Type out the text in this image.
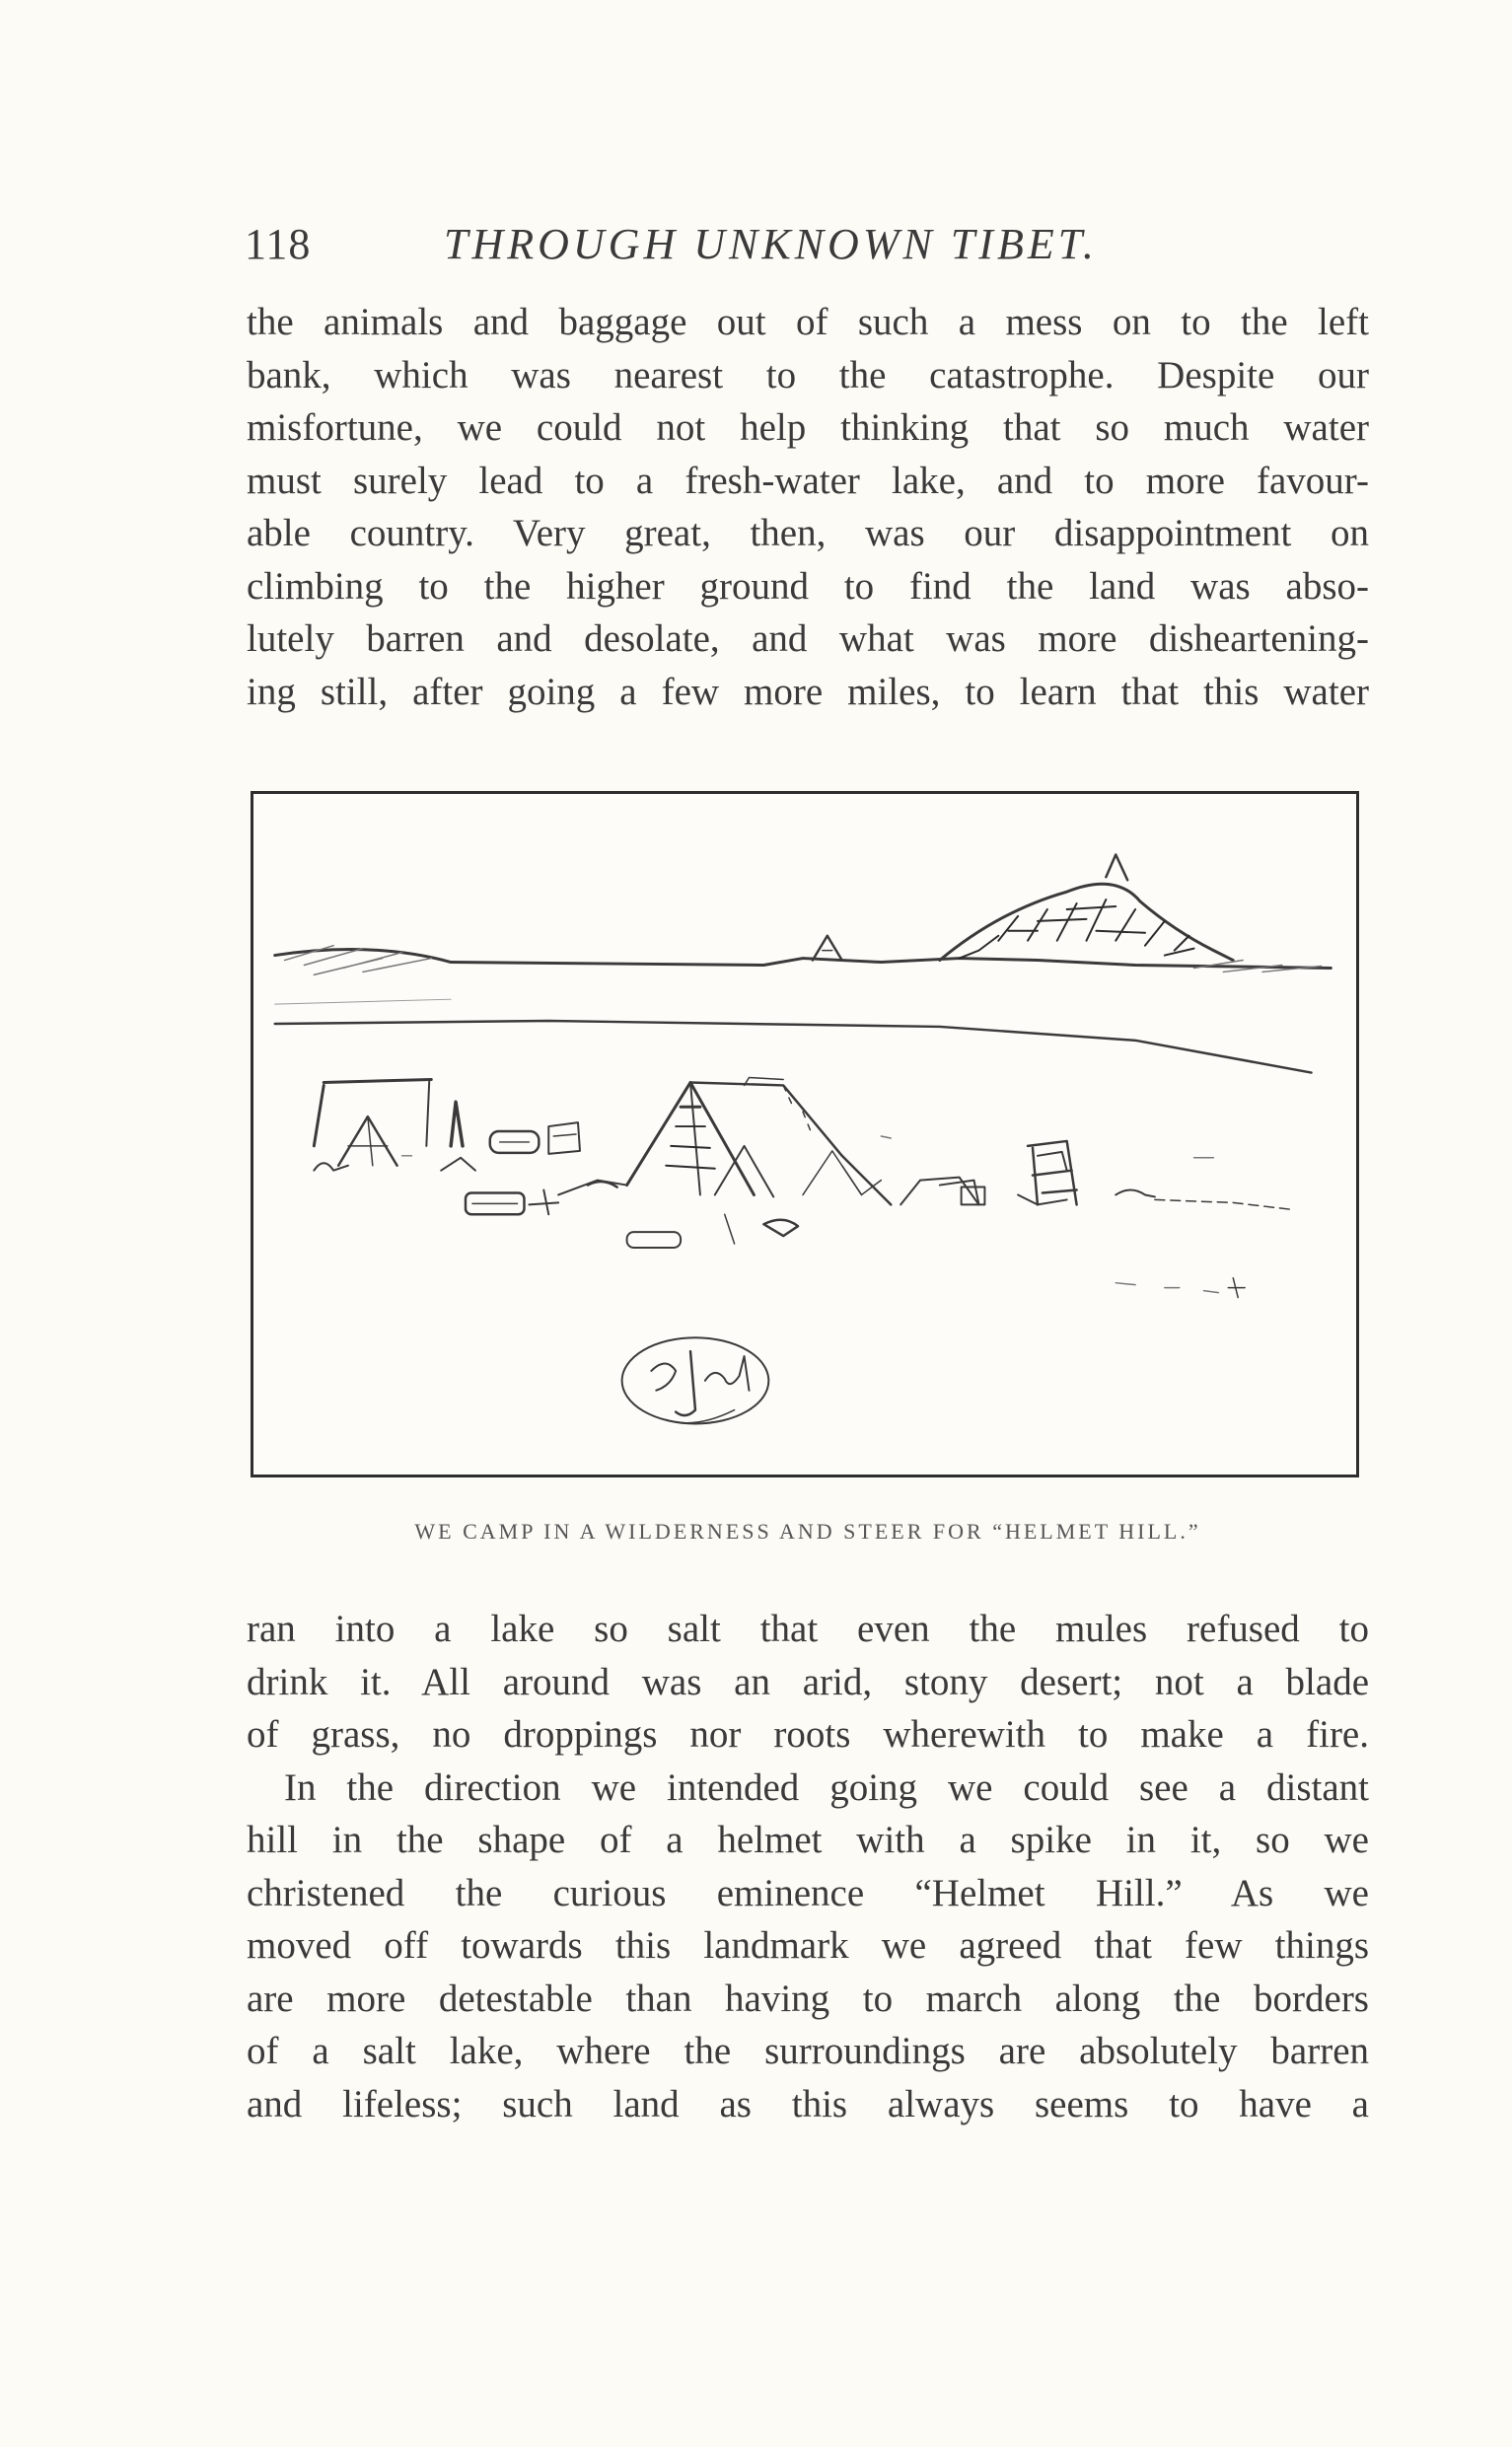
118	THROUGH UNKNOWN TIBET.
the animals and baggage out of such a mess on to the left
bank, which was nearest to the catastrophe. Despite our
misfortune, we could not help thinking that so much water
must surely lead to a fresh-water lake, and to more favour-
able country. Very great, then, was our disappointment on
climbing to the higher ground to find the land was abso-
lutely barren and desolate, and what was more disheartening-
ing still, after going a few more miles, to learn that this water
8 July
WE CAMP IN A WILDERNESS AND STEER FOR “HELMET HILL.”
ran into a lake so salt that even the mules refused to
drink it. All around was an arid, stony desert; not a blade
of grass, no droppings nor roots wherewith to make a fire.
In the direction we intended going we could see a distant
hill in the shape of a helmet with a spike in it, so we
christened the curious eminence “Helmet Hill.” As we
moved off towards this landmark we agreed that few things
are more detestable than having to march along the borders
of a salt lake, where the surroundings are absolutely barren
and lifeless; such land as this always seems to have a
